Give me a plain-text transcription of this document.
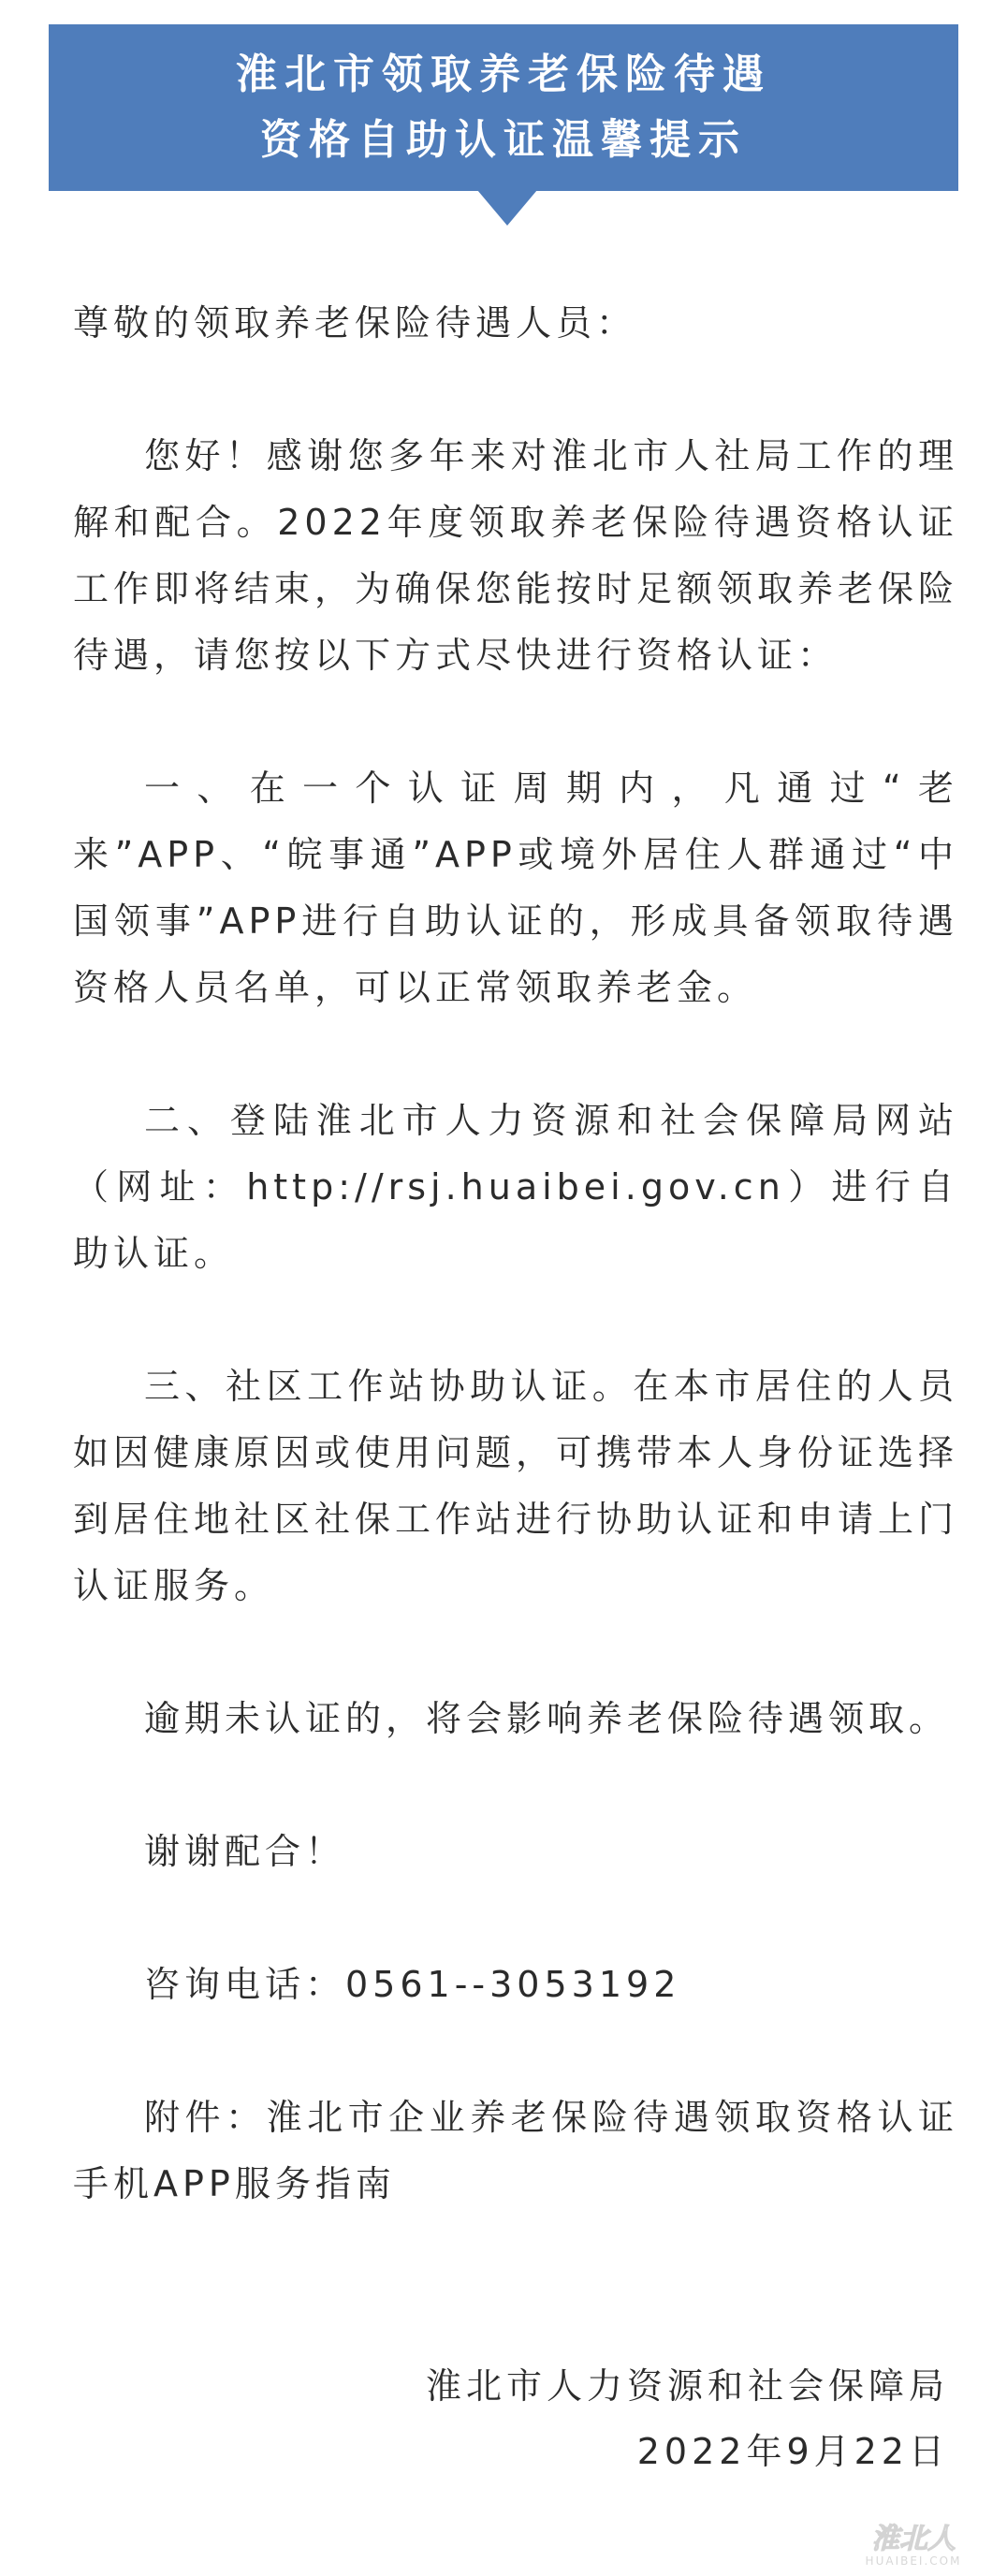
淮北市领取养老保险待遇
资格自助认证温馨提示

尊敬的领取养老保险待遇人员：

您好！感谢您多年来对淮北市人社局工作的理解和配合。2022年度领取养老保险待遇资格认证工作即将结束，为确保您能按时足额领取养老保险待遇，请您按以下方式尽快进行资格认证：

一、在一个认证周期内，凡通过“老来”APP、“皖事通”APP或境外居住人群通过“中国领事”APP进行自助认证的，形成具备领取待遇资格人员名单，可以正常领取养老金。

二、登陆淮北市人力资源和社会保障局网站（网址：http://rsj.huaibei.gov.cn）进行自助认证。

三、社区工作站协助认证。在本市居住的人员如因健康原因或使用问题，可携带本人身份证选择到居住地社区社保工作站进行协助认证和申请上门认证服务。

逾期未认证的，将会影响养老保险待遇领取。

谢谢配合！

咨询电话：0561--3053192

附件：淮北市企业养老保险待遇领取资格认证手机APP服务指南

淮北市人力资源和社会保障局
2022年9月22日
淮北人
HUAIBEI.COM
